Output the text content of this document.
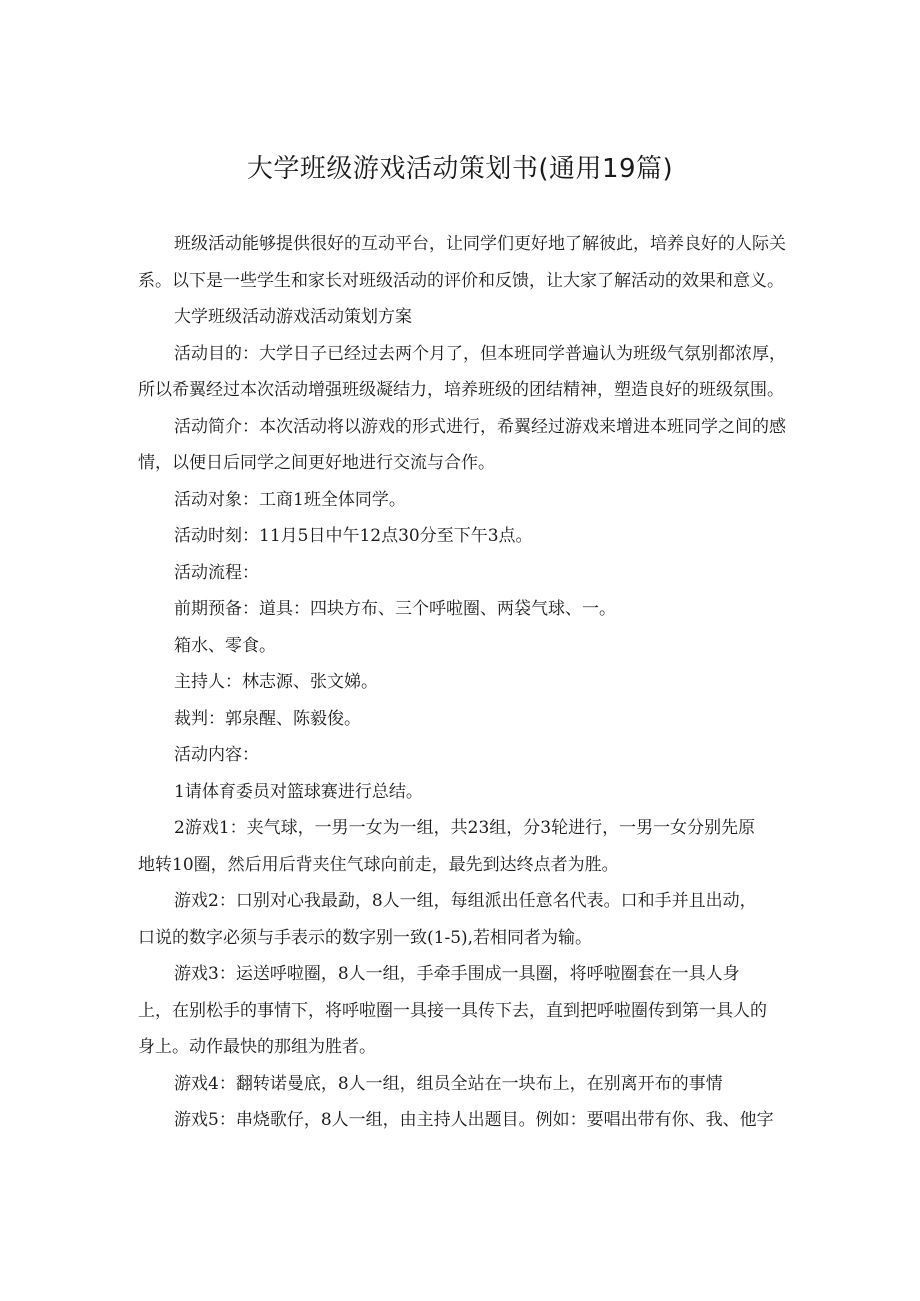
大学班级游戏活动策划书(通用19篇)

班级活动能够提供很好的互动平台，让同学们更好地了解彼此，培养良好的人际关

系。以下是一些学生和家长对班级活动的评价和反馈，让大家了解活动的效果和意义。

大学班级活动游戏活动策划方案

活动目的：大学日子已经过去两个月了，但本班同学普遍认为班级气氛别都浓厚，

所以希翼经过本次活动增强班级凝结力，培养班级的团结精神，塑造良好的班级氛围。

活动简介：本次活动将以游戏的形式进行，希翼经过游戏来增进本班同学之间的感

情，以便日后同学之间更好地进行交流与合作。

活动对象：工商1班全体同学。

活动时刻：11月5日中午12点30分至下午3点。

活动流程：

前期预备：道具：四块方布、三个呼啦圈、两袋气球、一。

箱水、零食。

主持人：林志源、张文娣。

裁判：郭泉醒、陈毅俊。

活动内容：

1请体育委员对篮球赛进行总结。

2游戏1：夹气球，一男一女为一组，共23组，分3轮进行，一男一女分别先原

地转10圈，然后用后背夹住气球向前走，最先到达终点者为胜。

游戏2：口别对心我最勐，8人一组，每组派出任意名代表。口和手并且出动，

口说的数字必须与手表示的数字别一致(1-5),若相同者为输。

游戏3：运送呼啦圈，8人一组，手牵手围成一具圈，将呼啦圈套在一具人身

上，在别松手的事情下，将呼啦圈一具接一具传下去，直到把呼啦圈传到第一具人的

身上。动作最快的那组为胜者。

游戏4：翻转诺曼底，8人一组，组员全站在一块布上，在别离开布的事情

游戏5：串烧歌仔，8人一组，由主持人出题目。例如：要唱出带有你、我、他字
